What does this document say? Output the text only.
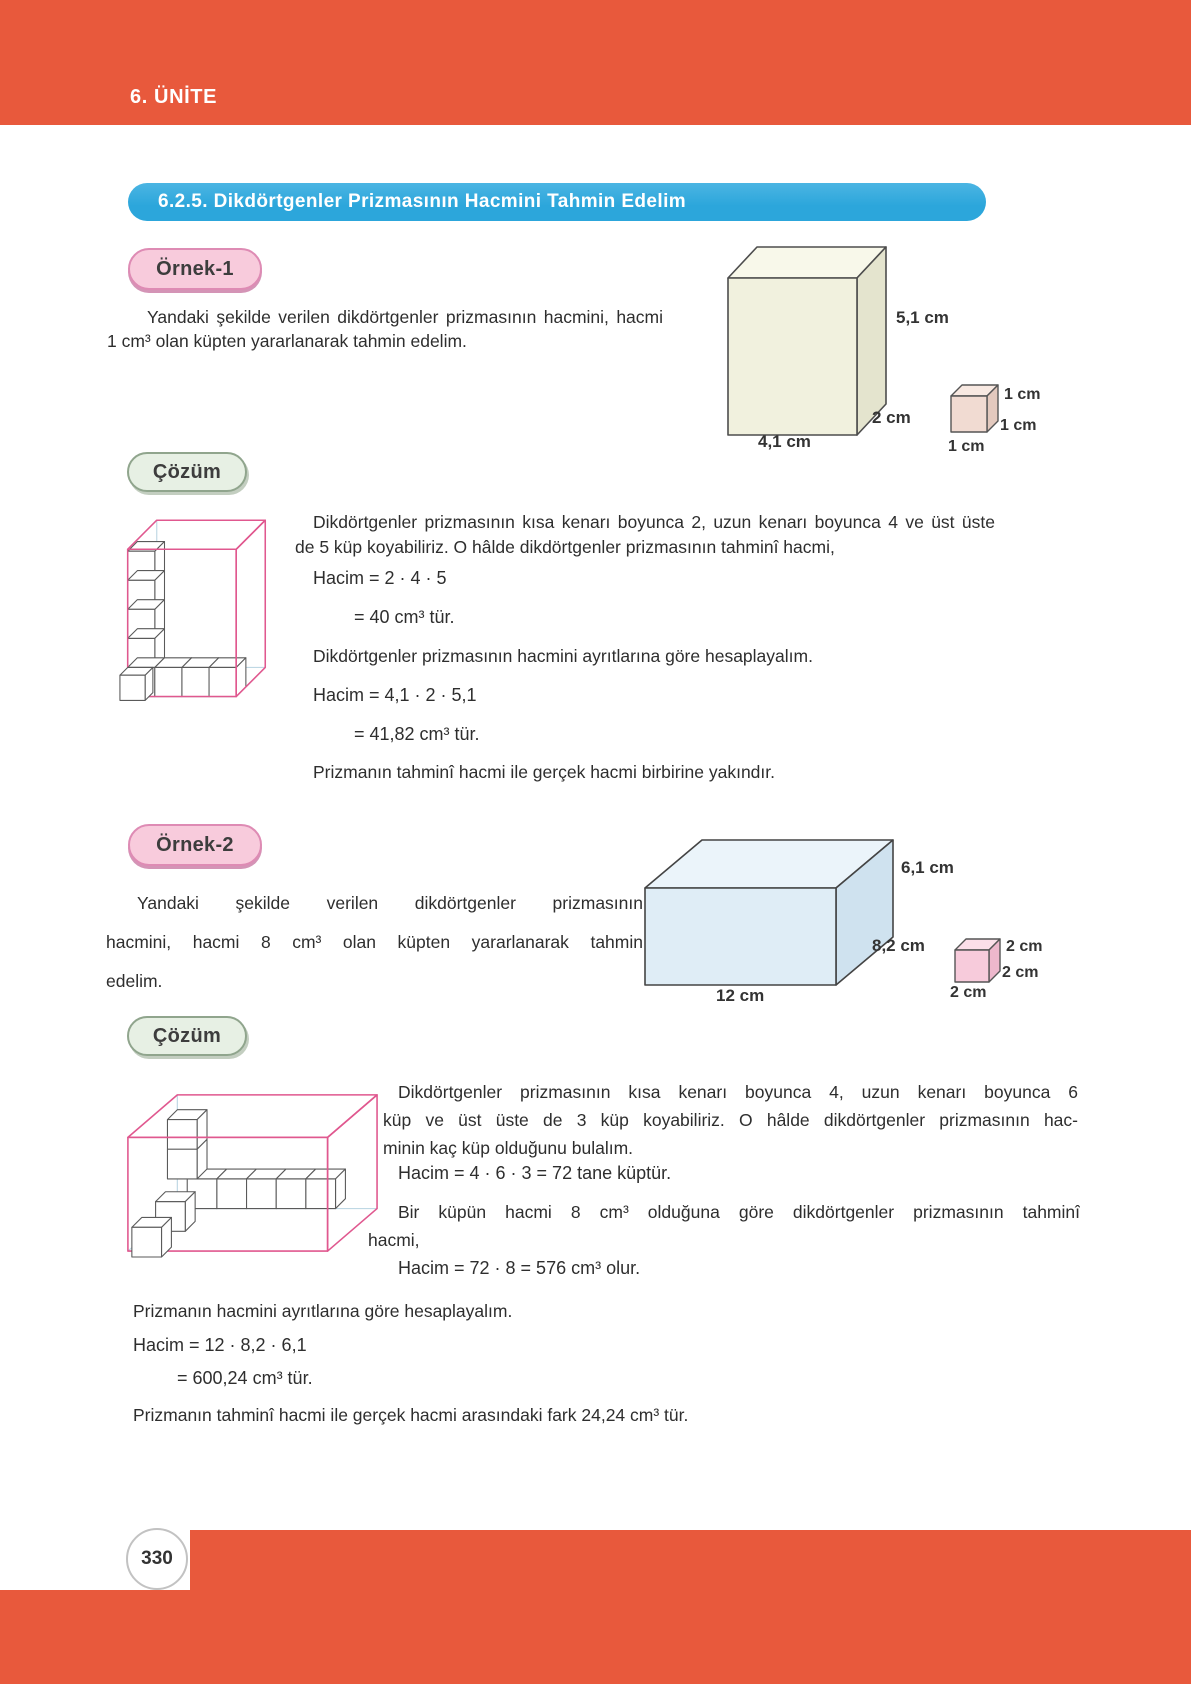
6. ÜNİTE
6.2.5. Dikdörtgenler Prizmasının Hacmini Tahmin Edelim
Örnek-1
Yandaki şekilde verilen dikdörtgenler prizmasının hacmini, hacmi
1 cm³ olan küpten yararlanarak tahmin edelim.
5,1 cm
2 cm
4,1 cm
1 cm
1 cm
1 cm
Çözüm
Dikdörtgenler prizmasının kısa kenarı boyunca 2, uzun kenarı boyunca 4 ve üst üste
de 5 küp koyabiliriz. O hâlde dikdörtgenler prizmasının tahminî hacmi,
Hacim = 2 · 4 · 5
= 40 cm³ tür.
Dikdörtgenler prizmasının hacmini ayrıtlarına göre hesaplayalım.
Hacim = 4,1 · 2 · 5,1
= 41,82 cm³ tür.
Prizmanın tahminî hacmi ile gerçek hacmi birbirine yakındır.
Örnek-2
Yandaki şekilde verilen dikdörtgenler prizmasının
hacmini, hacmi 8 cm³ olan küpten yararlanarak tahmin
edelim.
6,1 cm
8,2 cm
12 cm
2 cm
2 cm
2 cm
Çözüm
Dikdörtgenler prizmasının kısa kenarı boyunca 4, uzun kenarı boyunca 6
küp ve üst üste de 3 küp koyabiliriz. O hâlde dikdörtgenler prizmasının hac-
minin kaç küp olduğunu bulalım.
Hacim = 4 · 6 · 3 = 72 tane küptür.
Bir küpün hacmi 8 cm³ olduğuna göre dikdörtgenler prizmasının tahminî
hacmi,
Hacim = 72 · 8 = 576 cm³ olur.
Prizmanın hacmini ayrıtlarına göre hesaplayalım.
Hacim = 12 · 8,2 · 6,1
= 600,24 cm³ tür.
Prizmanın tahminî hacmi ile gerçek hacmi arasındaki fark 24,24 cm³ tür.
330
